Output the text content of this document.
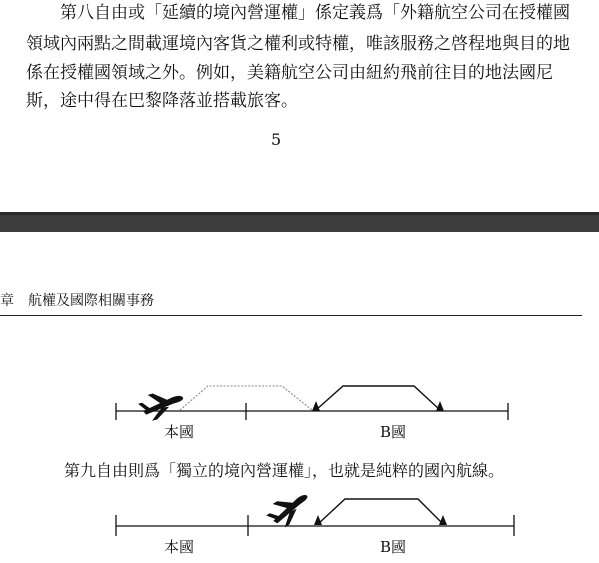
第八自由或「延續的境內營運權」係定義爲「外籍航空公司在授權國
領域內兩點之間載運境內客貨之權利或特權，唯該服務之啓程地與目的地
係在授權國領域之外。例如，美籍航空公司由紐約飛前往目的地法國尼
斯，途中得在巴黎降落並搭載旅客。
5
章　航權及國際相關事務
本國	B國
本國	B國
第九自由則爲「獨立的境內營運權」，也就是純粹的國內航線。
